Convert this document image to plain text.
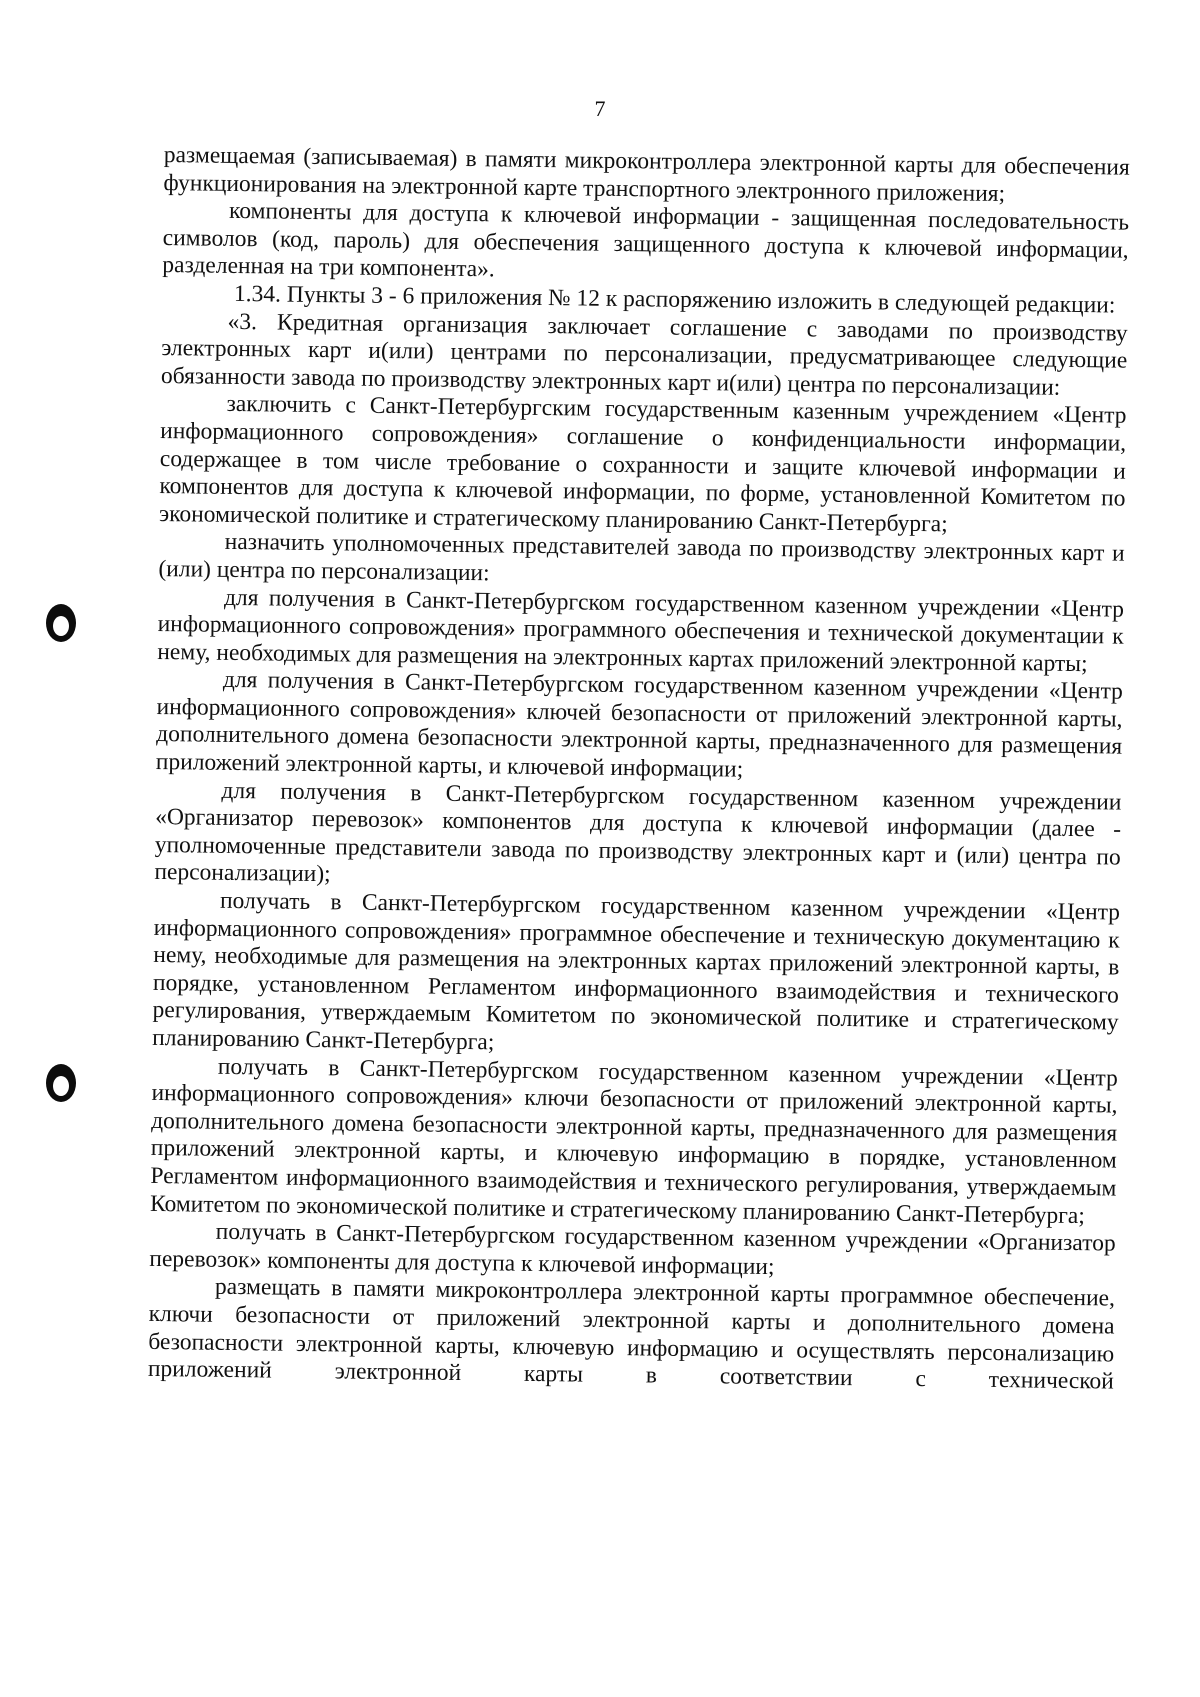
7

размещаемая (записываемая) в памяти микроконтроллера электронной карты для обеспечения функционирования на электронной карте транспортного электронного приложения;

компоненты для доступа к ключевой информации - защищенная последовательность символов (код, пароль) для обеспечения защищенного доступа к ключевой информации, разделенная на три компонента».

1.34. Пункты 3 - 6 приложения № 12 к распоряжению изложить в следующей редакции:

«3. Кредитная организация заключает соглашение с заводами по производству электронных карт и(или) центрами по персонализации, предусматривающее следующие обязанности завода по производству электронных карт и(или) центра по персонализации:

заключить с Санкт-Петербургским государственным казенным учреждением «Центр информационного сопровождения» соглашение о конфиденциальности информации, содержащее в том числе требование о сохранности и защите ключевой информации и компонентов для доступа к ключевой информации, по форме, установленной Комитетом по экономической политике и стратегическому планированию Санкт-Петербурга;

назначить уполномоченных представителей завода по производству электронных карт и (или) центра по персонализации:

для получения в Санкт-Петербургском государственном казенном учреждении «Центр информационного сопровождения» программного обеспечения и технической документации к нему, необходимых для размещения на электронных картах приложений электронной карты;

для получения в Санкт-Петербургском государственном казенном учреждении «Центр информационного сопровождения» ключей безопасности от приложений электронной карты, дополнительного домена безопасности электронной карты, предназначенного для размещения приложений электронной карты, и ключевой информации;

для получения в Санкт-Петербургском государственном казенном учреждении «Организатор перевозок» компонентов для доступа к ключевой информации (далее - уполномоченные представители завода по производству электронных карт и (или) центра по персонализации);

получать в Санкт-Петербургском государственном казенном учреждении «Центр информационного сопровождения» программное обеспечение и техническую документацию к нему, необходимые для размещения на электронных картах приложений электронной карты, в порядке, установленном Регламентом информационного взаимодействия и технического регулирования, утверждаемым Комитетом по экономической политике и стратегическому планированию Санкт-Петербурга;

получать в Санкт-Петербургском государственном казенном учреждении «Центр информационного сопровождения» ключи безопасности от приложений электронной карты, дополнительного домена безопасности электронной карты, предназначенного для размещения приложений электронной карты, и ключевую информацию в порядке, установленном Регламентом информационного взаимодействия и технического регулирования, утверждаемым Комитетом по экономической политике и стратегическому планированию Санкт-Петербурга;

получать в Санкт-Петербургском государственном казенном учреждении «Организатор перевозок» компоненты для доступа к ключевой информации;

размещать в памяти микроконтроллера электронной карты программное обеспечение, ключи безопасности от приложений электронной карты и дополнительного домена безопасности электронной карты, ключевую информацию и осуществлять персонализацию приложений электронной карты в соответствии с технической
